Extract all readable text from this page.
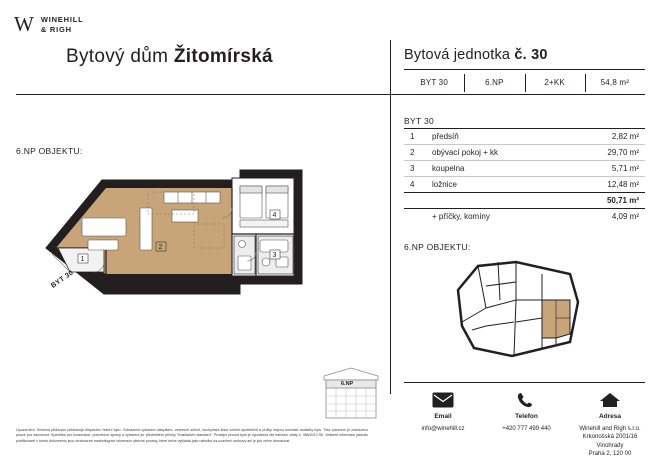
W WINEHILL
& RIGH
Bytový dům Žitomírská	Bytová jednotka č. 30
BYT 30	6.NP	2+KK	54,8 m²
6.NP OBJEKTU:
1
2
3
4
BYT 30
6.NP
BYT 30
1	předsíň	2,82 m²
2	obývací pokoj + kk	29,70 m²
3	koupelna	5,71 m²
4	ložnice	12,48 m²
		50,71 m²
	+ příčky, komíny	4,09 m²
6.NP OBJEKTU:
Email
info@winehill.cz
Telefon
+420 777 499 440
Adresa
Winehill and Righ s.r.o.
Krkonošská 2001/16
Vinohrady
Praha 2, 120 00
Upozornění: Schéma půdorysu přestavuje dispoziční řešení bytu. Zobrazené vybavení nábytkem, vestavné skříně, kuchyňská linka včetně spotřebičů a příčky nejsou součástí dodávky bytu. Toto vybavení je zobrazeno pouze pro názornost. Specifika pro konstrukce, povrchové úpravy a vybavení jer předmětem přílohy "Kvalitativní standard". Prodejní plocha bytu je vypočtena dle nařízení vlády č. 366/2013 Sb. Veškeré informace jakkoliv publikované v tomto dokumentu jsou nezávazné marketingové informace obecné povahy, které nelze vykládat jako nabídku na uzavření smlouvy ani je jich nelze dovozovat.
